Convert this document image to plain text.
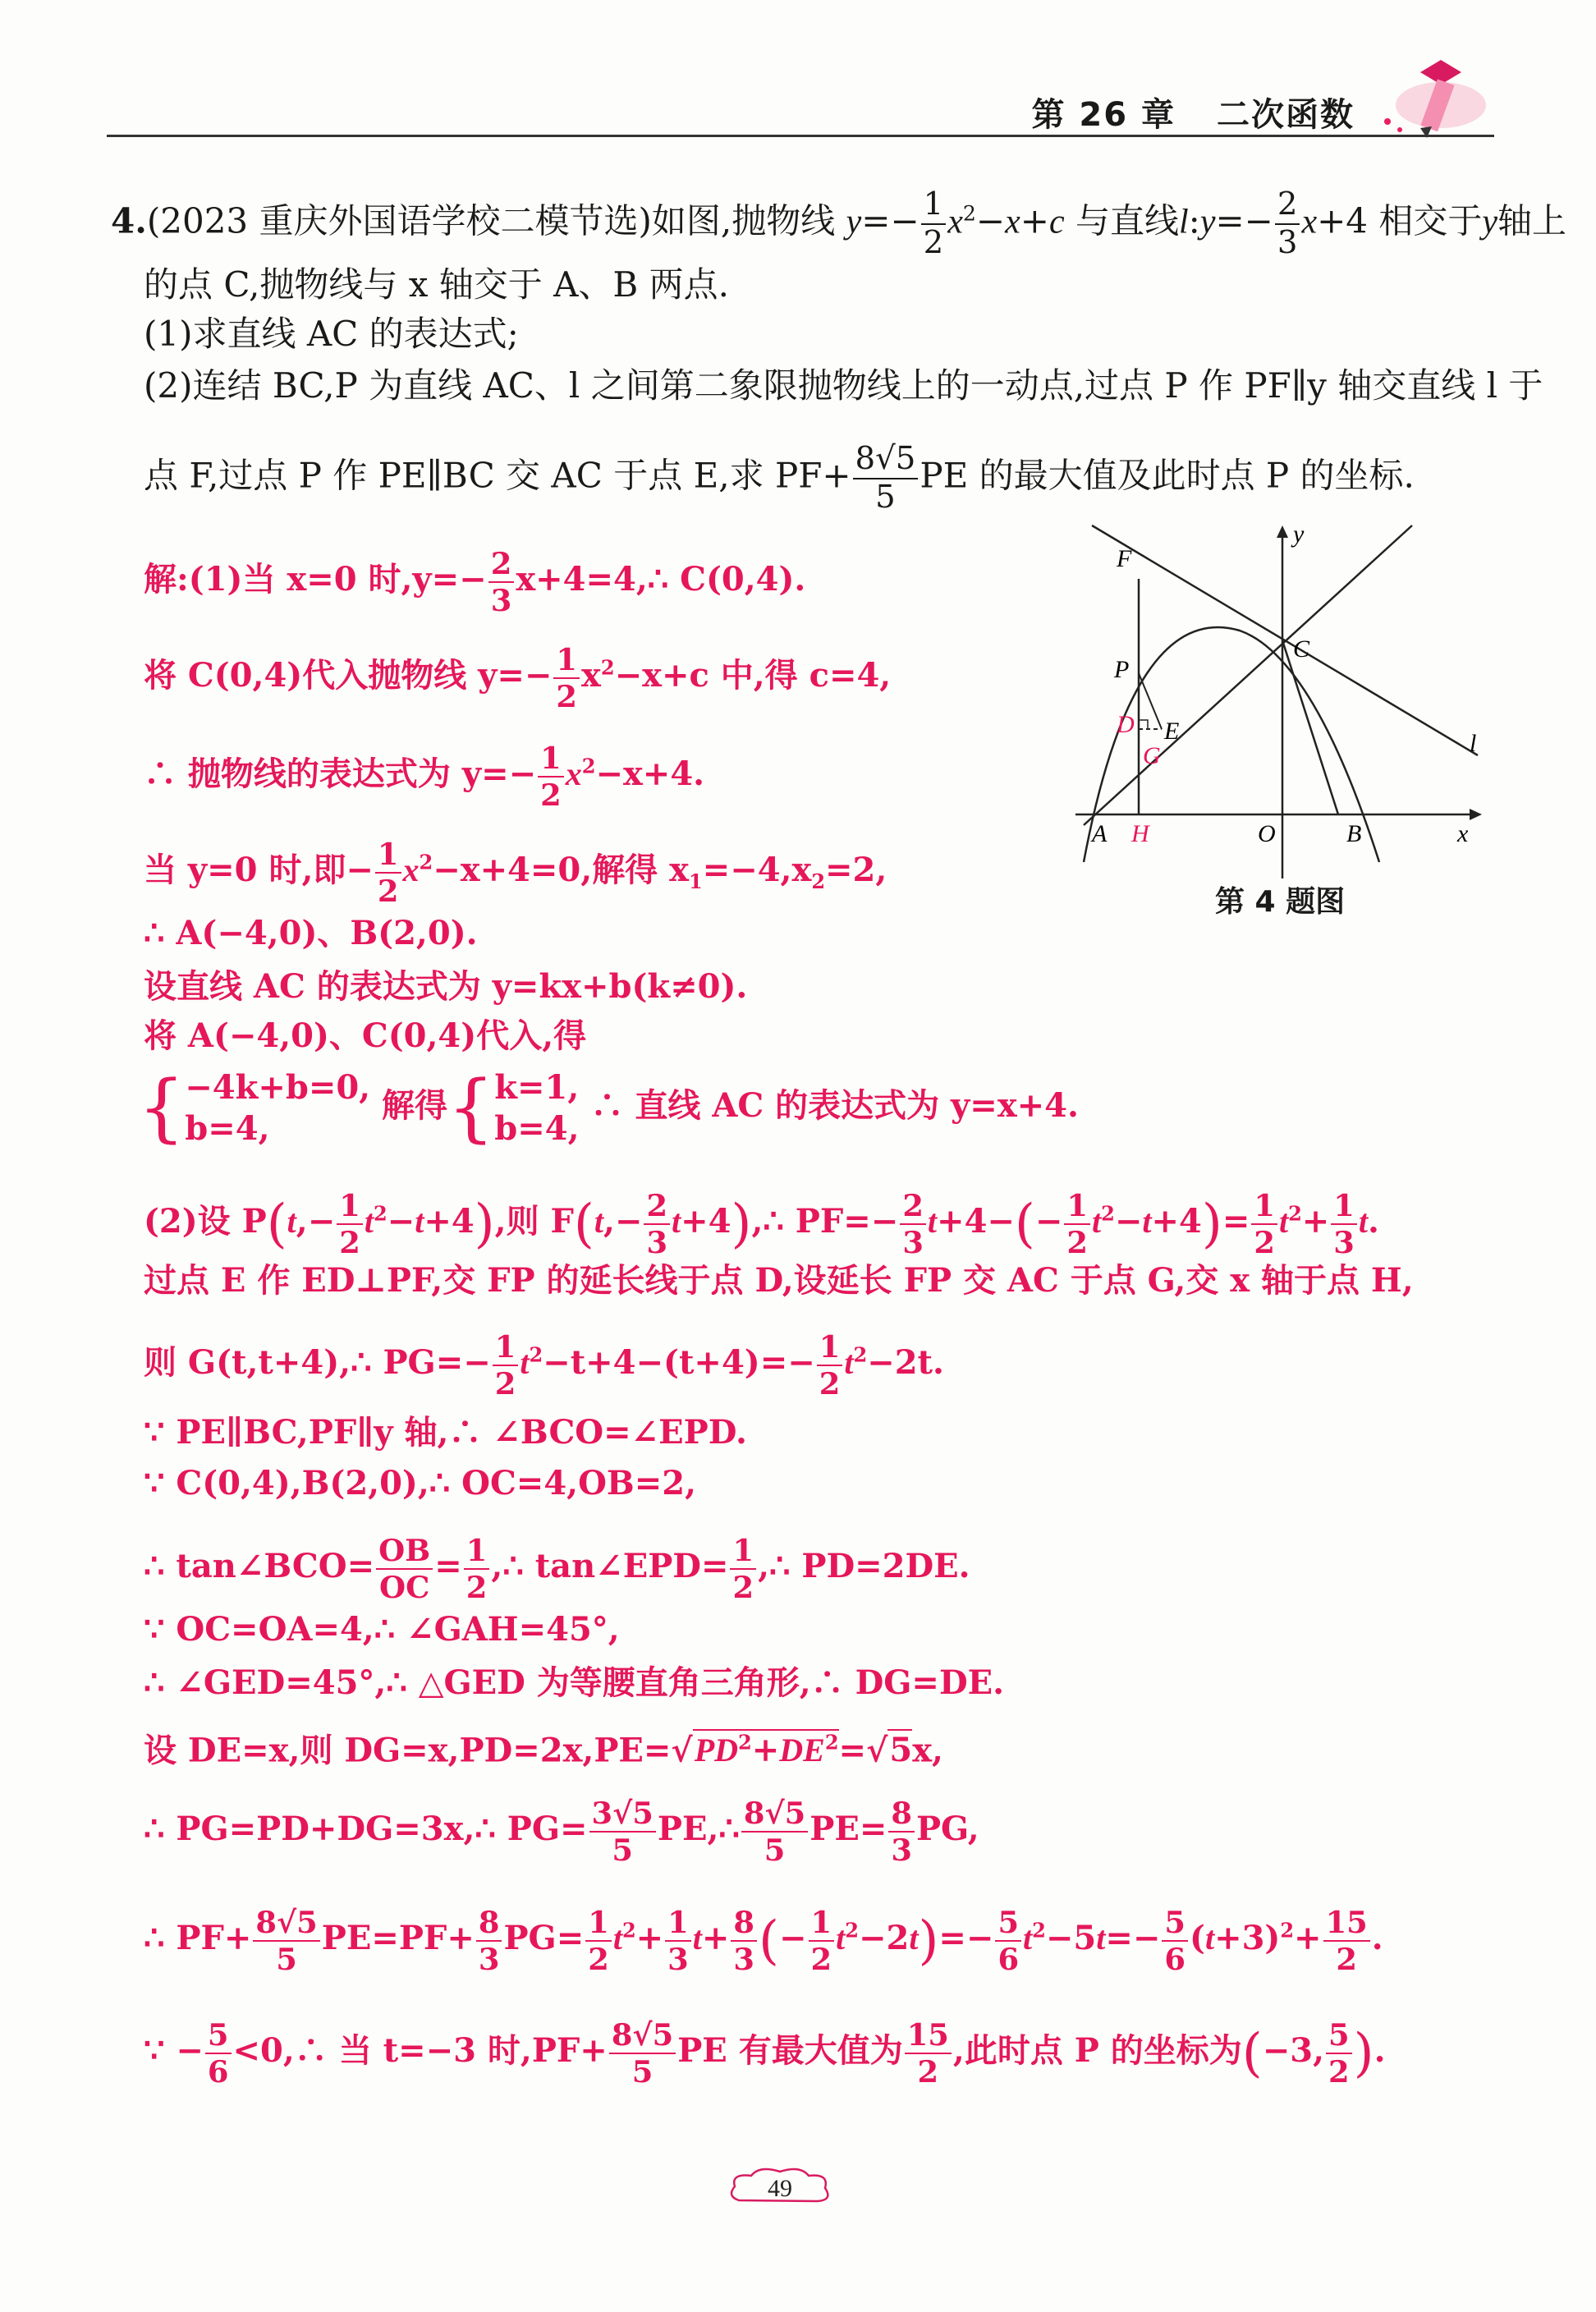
第 26 章 二次函数
4.(2023 重庆外国语学校二模节选)如图,抛物线 $y=- \frac{1}{2} x^2-x+c$ 与直线l:y=− $\frac{2}{3} x+4$ 相交于y轴上
的点 C,抛物线与 x 轴交于 A、B 两点.
(1)求直线 AC 的表达式;
(2)连结 BC,P 为直线 AC、l 之间第二象限抛物线上的一动点,过点 P 作 PF∥y 轴交直线 l 于
点 F,过点 P 作 PE∥BC 交 AC 于点 E,求 $PF+ \frac{8√5}{5}$ PE 的最大值及此时点 P 的坐标.
F
y
C
P
D E
G	l
A H	O	B	x
第 4 题图
解:(1)当 x=0 时$,y=- \frac{2}{3}$ x+4=4,∴ C(0,4).
将 C(0,4)代入抛物线 $y=- \frac{1}{2} x^2-x+c$ 中,得 c=4,
∴ 抛物线的表达式为 $y=- \frac{1}{2} x^2-x+4$.
当 y=0 时,即− $\frac{1}{2} x^2-x+4=0$,解得 $x_1=-4,x_2=2$,
∴ A(−4,0)、B(2,0).
设直线 AC 的表达式为 y=kx+b(k≠0).
将 A(−4,0)、C(0,4)代入,得
{ −4k+b=0,
b=4,
解得{ k=1,
b=4,
∴ 直线 AC 的表达式为 y=x+4.
(2)设 $P(t,- \frac{1}{2} t^2-t+4)$,则 $F(t,- \frac{2}{3}$ t+4),∴ $PF=- \frac{2}{3} t+4-(- \frac{1}{2} t^2-t+4)= \frac{1}{2} t^2+ \frac{1}{3} t$.
过点 E 作 ED⊥PF,交 FP 的延长线于点 D,设延长 FP 交 AC 于点 G,交 x 轴于点 H,
则 G(t,t+4),∴ $PG=- \frac{1}{2} t^2-t+4-(t+4)=- \frac{1}{2} t^2-2t$.
∵ PE∥BC,PF∥y 轴,∴ ∠BCO=∠EPD.
∵ C(0,4),B(2,0),∴ OC=4,OB=2,
∴ tan∠BCO= $\frac{OB}{OC} = \frac{1}{2}$ ,∴ tan∠EPD= $\frac{1}{2}$ ,∴ PD=2DE.
∵ OC=OA=4,∴ ∠GAH=45°,
∴ ∠GED=45°,∴ △GED 为等腰直角三角形,∴ DG=DE.
设 DE=x,则 $DG=x,PD=2x,PE=√PD^2+DE^2=√5x$,
∴ PG=PD+DG=3x,∴ $PG= \frac{3√5}{5}$ PE,∴ $\frac{8√5}{5} PE= \frac{8}{3}$ PG,
∴ $PF+ \frac{8√5}{5} PE=PF+ \frac{8}{3} PG= \frac{1}{2} t^2+ \frac{1}{3} t+ \frac{8}{3}$ (− $\frac{1}{2} t^2-2t)=- \frac{5}{6} t^2-5t=- \frac{5}{6} (t+3)^2+ \frac{15}{2}$ .
∵ − $\frac{5}{6}$ <0,∴ 当 t=−3 时$,PF+ \frac{8√5}{5}$ PE 有最大值为 $\frac{15}{2}$ ,此时点 P 的坐标为(−3, $\frac{5}{2}$ ).
49
